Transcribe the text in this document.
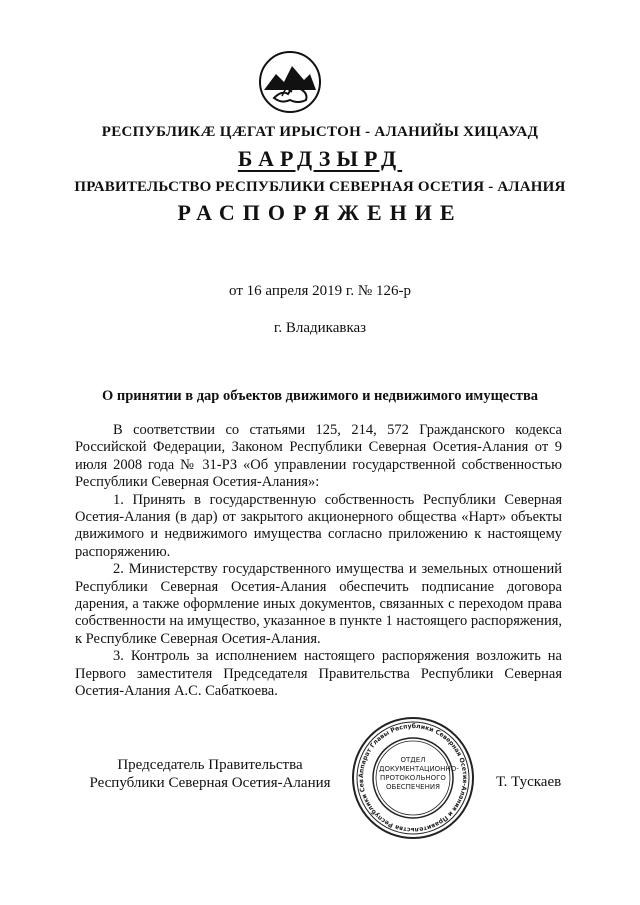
РЕСПУБЛИКÆ ЦÆГАТ ИРЫСТОН - АЛАНИЙЫ ХИЦАУАД
БАРДЗЫРД
ПРАВИТЕЛЬСТВО РЕСПУБЛИКИ СЕВЕРНАЯ ОСЕТИЯ - АЛАНИЯ
РАСПОРЯЖЕНИЕ
от 16 апреля 2019 г. № 126-р
г. Владикавказ
О принятии в дар объектов движимого и недвижимого имущества

В соответствии со статьями 125, 214, 572 Гражданского кодекса Российской Федерации, Законом Республики Северная Осетия-Алания от 9 июля 2008 года № 31-РЗ «Об управлении государственной собственностью Республики Северная Осетия-Алания»:

1. Принять в государственную собственность Республики Северная Осетия-Алания (в дар) от закрытого акционерного общества «Нарт» объекты движимого и недвижимого имущества согласно приложению к настоящему распоряжению.

2. Министерству государственного имущества и земельных отношений Республики Северная Осетия-Алания обеспечить подписание договора дарения, а также оформление иных документов, связанных с переходом права собственности на имущество, указанное в пункте 1 настоящего распоряжения, к Республике Северная Осетия-Алания.

3. Контроль за исполнением настоящего распоряжения возложить на Первого заместителя Председателя Правительства Республики Северная Осетия-Алания А.С. Сабаткоева.

Председатель Правительства
Республики Северная Осетия-Алания	Аппарат Главы Республики Северная Осетия-Алания и Правительства Республики Сев
ОТДЕЛ ДОКУМЕНТАЦИОННО-ПРОТОКОЛЬНОГО ОБЕСПЕЧЕНИЯ	Т. Тускаев
